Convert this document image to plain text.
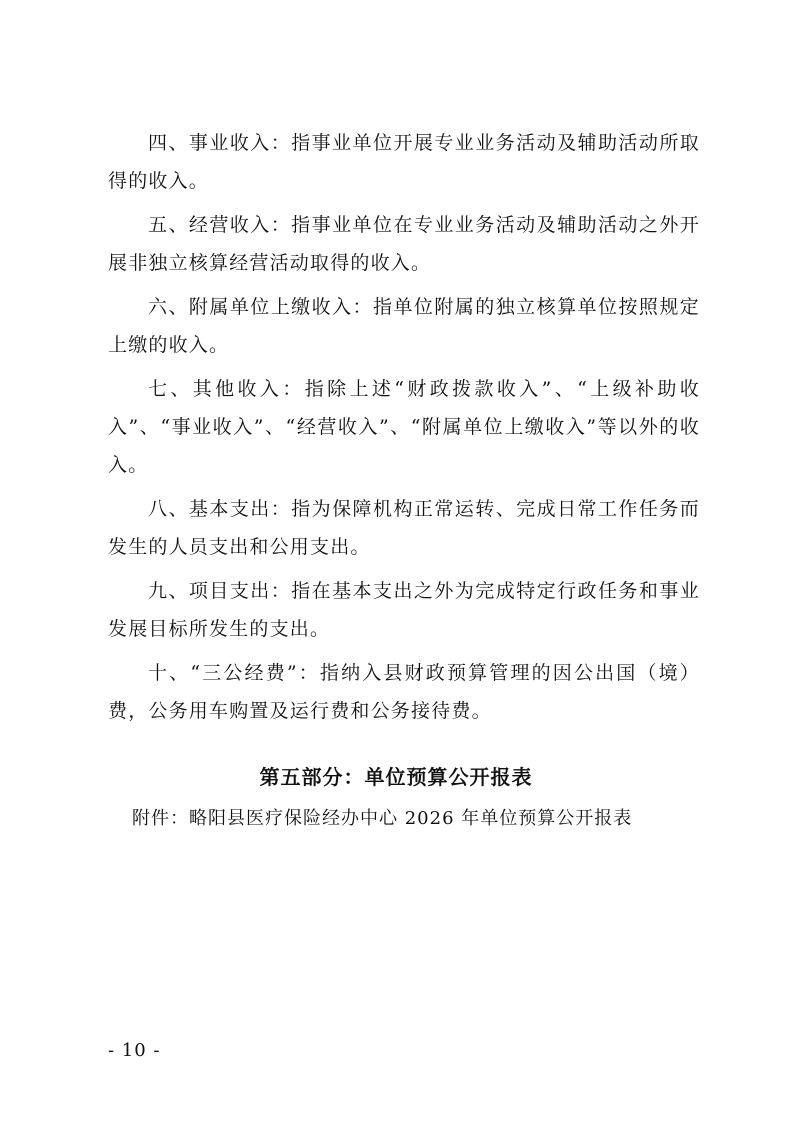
四、事业收入：指事业单位开展专业业务活动及辅助活动所取得的收入。

五、经营收入：指事业单位在专业业务活动及辅助活动之外开展非独立核算经营活动取得的收入。

六、附属单位上缴收入：指单位附属的独立核算单位按照规定上缴的收入。

七、其他收入：指除上述“财政拨款收入”、“上级补助收入”、“事业收入”、“经营收入”、“附属单位上缴收入”等以外的收入。

八、基本支出：指为保障机构正常运转、完成日常工作任务而发生的人员支出和公用支出。

九、项目支出：指在基本支出之外为完成特定行政任务和事业发展目标所发生的支出。

十、“三公经费”：指纳入县财政预算管理的因公出国（境）费，公务用车购置及运行费和公务接待费。

第五部分：单位预算公开报表

附件：略阳县医疗保险经办中心 2026 年单位预算公开报表

- 10 -
